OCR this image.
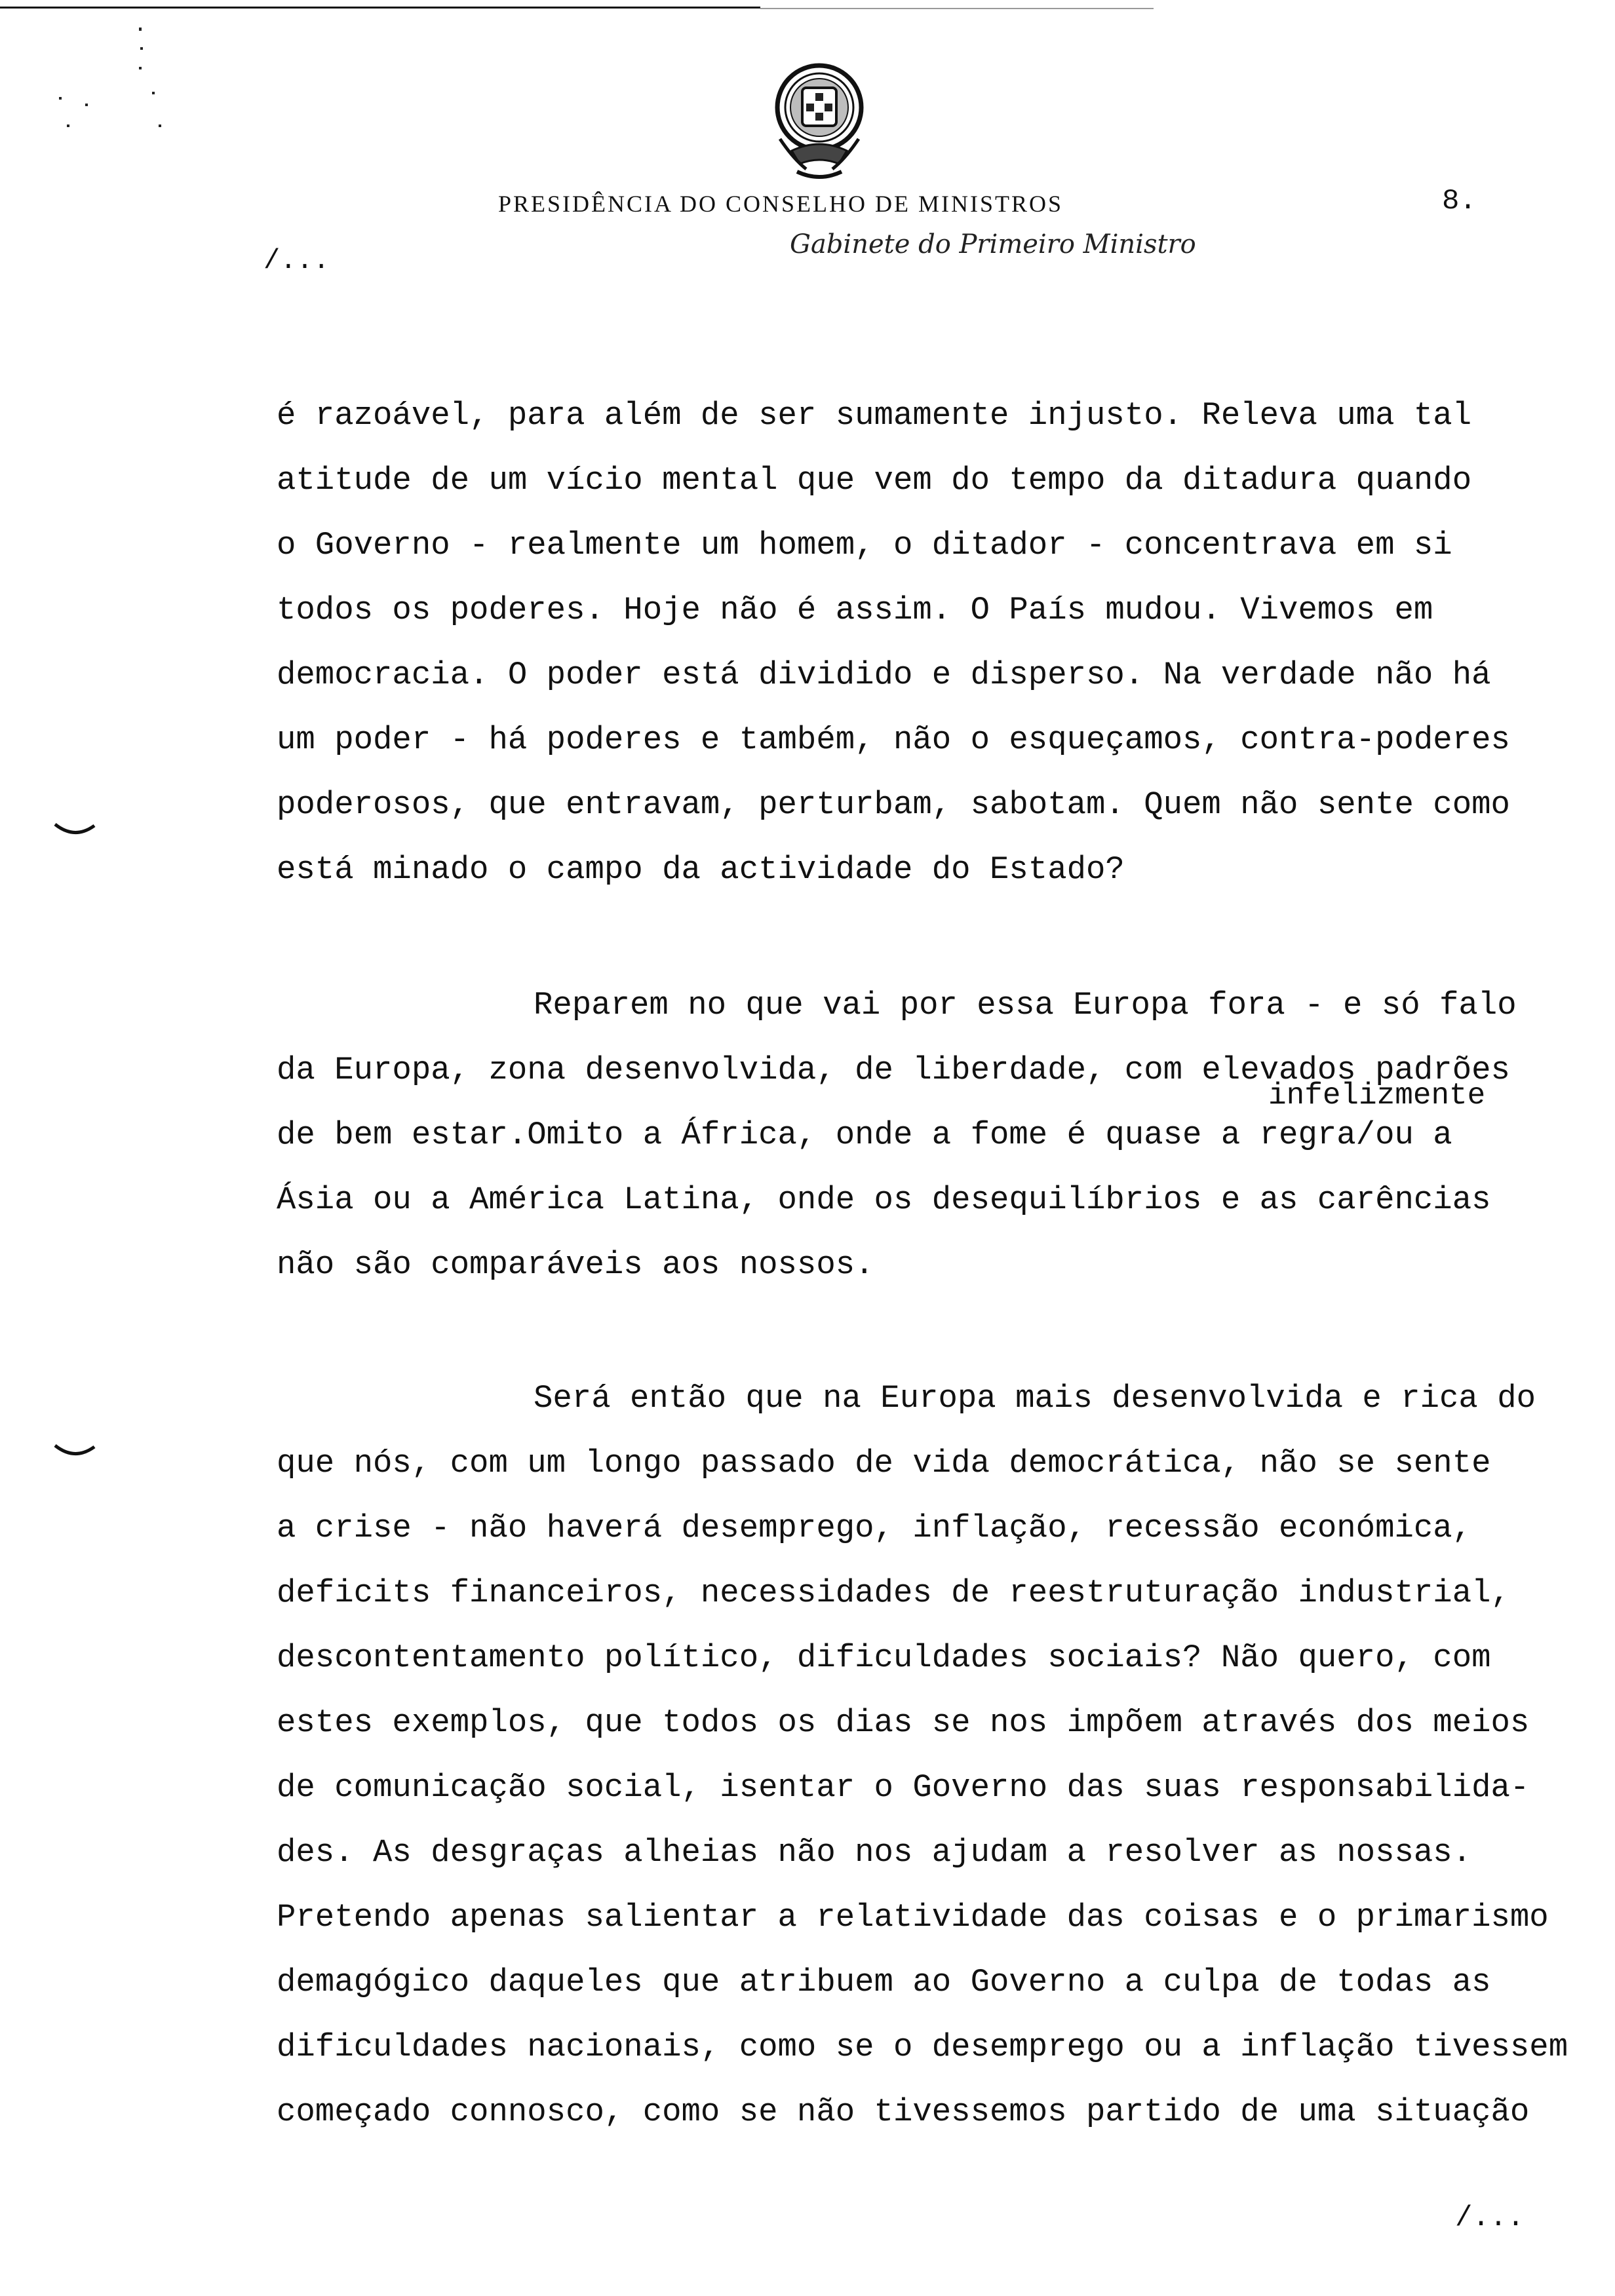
PRESIDÊNCIA DO CONSELHO DE MINISTROS	8.
/...
Gabinete do Primeiro Ministro
é razoável, para além de ser sumamente injusto. Releva uma tal
atitude de um vício mental que vem do tempo da ditadura quando
o Governo - realmente um homem, o ditador - concentrava em si
todos os poderes. Hoje não é assim. O País mudou. Vivemos em
democracia. O poder está dividido e disperso. Na verdade não há
um poder - há poderes e também, não o esqueçamos, contra-poderes
poderosos, que entravam, perturbam, sabotam. Quem não sente como
está minado o campo da actividade do Estado?
Reparem no que vai por essa Europa fora - e só falo
da Europa, zona desenvolvida, de liberdade, com elevados padrões
de bem estar.Omito a África, onde a fome é quase a regra/ou a
Ásia ou a América Latina, onde os desequilíbrios e as carências
não são comparáveis aos nossos.
infelizmente
Será então que na Europa mais desenvolvida e rica do
que nós, com um longo passado de vida democrática, não se sente
a crise - não haverá desemprego, inflação, recessão económica,
deficits financeiros, necessidades de reestruturação industrial,
descontentamento político, dificuldades sociais? Não quero, com
estes exemplos, que todos os dias se nos impõem através dos meios
de comunicação social, isentar o Governo das suas responsabilida-
des. As desgraças alheias não nos ajudam a resolver as nossas.
Pretendo apenas salientar a relatividade das coisas e o primarismo
demagógico daqueles que atribuem ao Governo a culpa de todas as
dificuldades nacionais, como se o desemprego ou a inflação tivessem
começado connosco, como se não tivessemos partido de uma situação
/...
